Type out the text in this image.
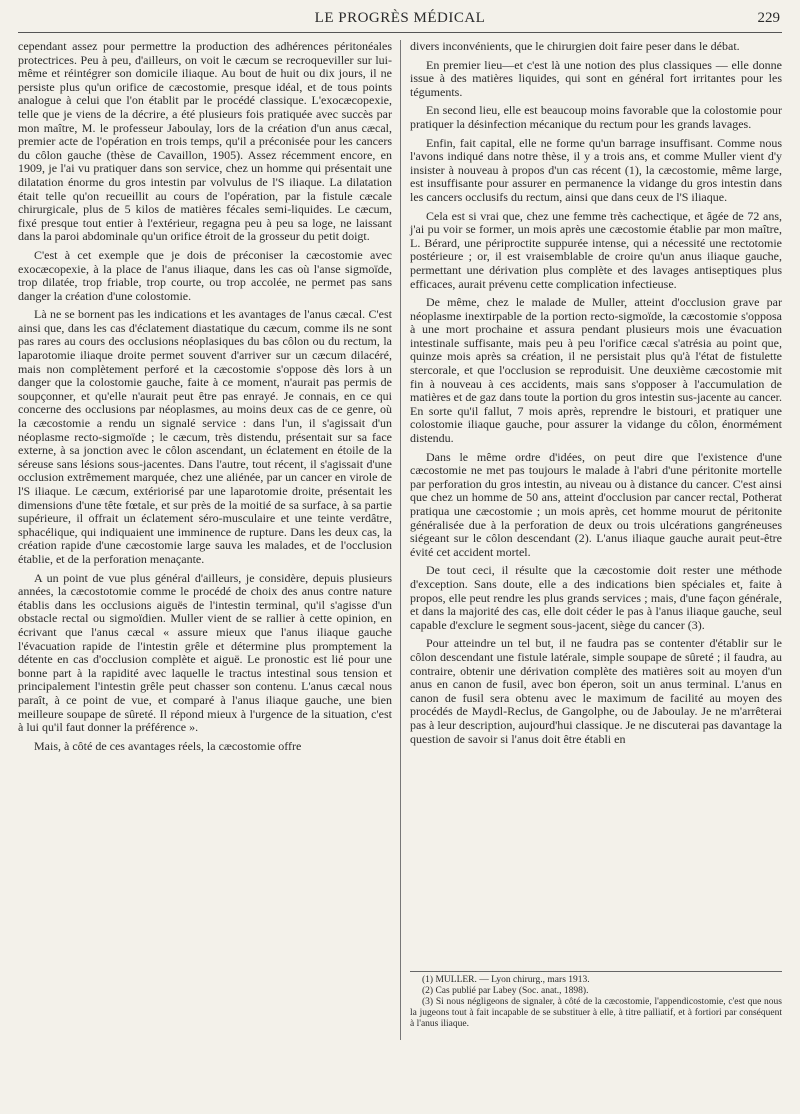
LE PROGRÈS MÉDICAL	229

cependant assez pour permettre la production des adhérences péritonéales protectrices. Peu à peu, d'ailleurs, on voit le cæcum se recroqueviller sur lui-même et réintégrer son domicile iliaque. Au bout de huit ou dix jours, il ne persiste plus qu'un orifice de cæcostomie, presque idéal, et de tous points analogue à celui que l'on établit par le procédé classique. L'exocæcopexie, telle que je viens de la décrire, a été plusieurs fois pratiquée avec succès par mon maître, M. le professeur Jaboulay, lors de la création d'un anus cæcal, premier acte de l'opération en trois temps, qu'il a préconisée pour les cancers du côlon gauche (thèse de Cavaillon, 1905). Assez récemment encore, en 1909, je l'ai vu pratiquer dans son service, chez un homme qui présentait une dilatation énorme du gros intestin par volvulus de l'S iliaque. La dilatation était telle qu'on recueillit au cours de l'opération, par la fistule cæcale chirurgicale, plus de 5 kilos de matières fécales semi-liquides. Le cæcum, fixé presque tout entier à l'extérieur, regagna peu à peu sa loge, ne laissant dans la paroi abdominale qu'un orifice étroit de la grosseur du petit doigt.

C'est à cet exemple que je dois de préconiser la cæcostomie avec exocæcopexie, à la place de l'anus iliaque, dans les cas où l'anse sigmoïde, trop dilatée, trop friable, trop courte, ou trop accolée, ne permet pas sans danger la création d'une colostomie.

Là ne se bornent pas les indications et les avantages de l'anus cæcal. C'est ainsi que, dans les cas d'éclatement diastatique du cæcum, comme ils ne sont pas rares au cours des occlusions néoplasiques du bas côlon ou du rectum, la laparotomie iliaque droite permet souvent d'arriver sur un cæcum dilacéré, mais non complètement perforé et la cæcostomie s'oppose dès lors à un danger que la colostomie gauche, faite à ce moment, n'aurait pas permis de soupçonner, et qu'elle n'aurait peut être pas enrayé. Je connais, en ce qui concerne des occlusions par néoplasmes, au moins deux cas de ce genre, où la cæcostomie a rendu un signalé service : dans l'un, il s'agissait d'un néoplasme recto-sigmoïde ; le cæcum, très distendu, présentait sur sa face externe, à sa jonction avec le côlon ascendant, un éclatement en étoile de la séreuse sans lésions sous-jacentes. Dans l'autre, tout récent, il s'agissait d'une occlusion extrêmement marquée, chez une aliénée, par un cancer en virole de l'S iliaque. Le cæcum, extériorisé par une laparotomie droite, présentait les dimensions d'une tête fœtale, et sur près de la moitié de sa surface, à sa partie supérieure, il offrait un éclatement séro-musculaire et une teinte verdâtre, sphacélique, qui indiquaient une imminence de rupture. Dans les deux cas, la création rapide d'une cæcostomie large sauva les malades, et de l'occlusion établie, et de la perforation menaçante.

A un point de vue plus général d'ailleurs, je considère, depuis plusieurs années, la cæcostotomie comme le procédé de choix des anus contre nature établis dans les occlusions aiguës de l'intestin terminal, qu'il s'agisse d'un obstacle rectal ou sigmoïdien. Muller vient de se rallier à cette opinion, en écrivant que l'anus cæcal « assure mieux que l'anus iliaque gauche l'évacuation rapide de l'intestin grêle et détermine plus promptement la détente en cas d'occlusion complète et aiguë. Le pronostic est lié pour une bonne part à la rapidité avec laquelle le tractus intestinal sous tension et principalement l'intestin grêle peut chasser son contenu. L'anus cæcal nous paraît, à ce point de vue, et comparé à l'anus iliaque gauche, une bien meilleure soupape de sûreté. Il répond mieux à l'urgence de la situation, c'est à lui qu'il faut donner la préférence ».

Mais, à côté de ces avantages réels, la cæcostomie offre

divers inconvénients, que le chirurgien doit faire peser dans le débat.

En premier lieu—et c'est là une notion des plus classiques — elle donne issue à des matières liquides, qui sont en général fort irritantes pour les téguments.

En second lieu, elle est beaucoup moins favorable que la colostomie pour pratiquer la désinfection mécanique du rectum pour les grands lavages.

Enfin, fait capital, elle ne forme qu'un barrage insuffisant. Comme nous l'avons indiqué dans notre thèse, il y a trois ans, et comme Muller vient d'y insister à nouveau à propos d'un cas récent (1), la cæcostomie, même large, est insuffisante pour assurer en permanence la vidange du gros intestin dans les cancers occlusifs du rectum, ainsi que dans ceux de l'S iliaque.

Cela est si vrai que, chez une femme très cachectique, et âgée de 72 ans, j'ai pu voir se former, un mois après une cæcostomie établie par mon maître, L. Bérard, une périproctite suppurée intense, qui a nécessité une rectotomie postérieure ; or, il est vraisemblable de croire qu'un anus iliaque gauche, permettant une dérivation plus complète et des lavages antiseptiques plus efficaces, aurait prévenu cette complication infectieuse.

De même, chez le malade de Muller, atteint d'occlusion grave par néoplasme inextirpable de la portion recto-sigmoïde, la cæcostomie s'opposa à une mort prochaine et assura pendant plusieurs mois une évacuation intestinale suffisante, mais peu à peu l'orifice cæcal s'atrésia au point que, quinze mois après sa création, il ne persistait plus qu'à l'état de fistulette stercorale, et que l'occlusion se reproduisit. Une deuxième cæcostomie mit fin à nouveau à ces accidents, mais sans s'opposer à l'accumulation de matières et de gaz dans toute la portion du gros intestin sus-jacente au cancer. En sorte qu'il fallut, 7 mois après, reprendre le bistouri, et pratiquer une colostomie iliaque gauche, pour assurer la vidange du côlon, énormément distendu.

Dans le même ordre d'idées, on peut dire que l'existence d'une cæcostomie ne met pas toujours le malade à l'abri d'une péritonite mortelle par perforation du gros intestin, au niveau ou à distance du cancer. C'est ainsi que chez un homme de 50 ans, atteint d'occlusion par cancer rectal, Potherat pratiqua une cæcostomie ; un mois après, cet homme mourut de péritonite généralisée due à la perforation de deux ou trois ulcérations gangréneuses siégeant sur le côlon descendant (2). L'anus iliaque gauche aurait peut-être évité cet accident mortel.

De tout ceci, il résulte que la cæcostomie doit rester une méthode d'exception. Sans doute, elle a des indications bien spéciales et, faite à propos, elle peut rendre les plus grands services ; mais, d'une façon générale, et dans la majorité des cas, elle doit céder le pas à l'anus iliaque gauche, seul capable d'exclure le segment sous-jacent, siège du cancer (3).

Pour atteindre un tel but, il ne faudra pas se contenter d'établir sur le côlon descendant une fistule latérale, simple soupape de sûreté ; il faudra, au contraire, obtenir une dérivation complète des matières soit au moyen d'un anus en canon de fusil, avec bon éperon, soit un anus terminal. L'anus en canon de fusil sera obtenu avec le maximum de facilité au moyen des procédés de Maydl-Reclus, de Gangolphe, ou de Jaboulay. Je ne m'arrêterai pas à leur description, aujourd'hui classique. Je ne discuterai pas davantage la question de savoir si l'anus doit être établi en

(1) MULLER. — Lyon chirurg., mars 1913.

(2) Cas publié par Labey (Soc. anat., 1898).

(3) Si nous négligeons de signaler, à côté de la cæcostomie, l'appendicostomie, c'est que nous la jugeons tout à fait incapable de se substituer à elle, à titre palliatif, et à fortiori par conséquent à l'anus iliaque.
